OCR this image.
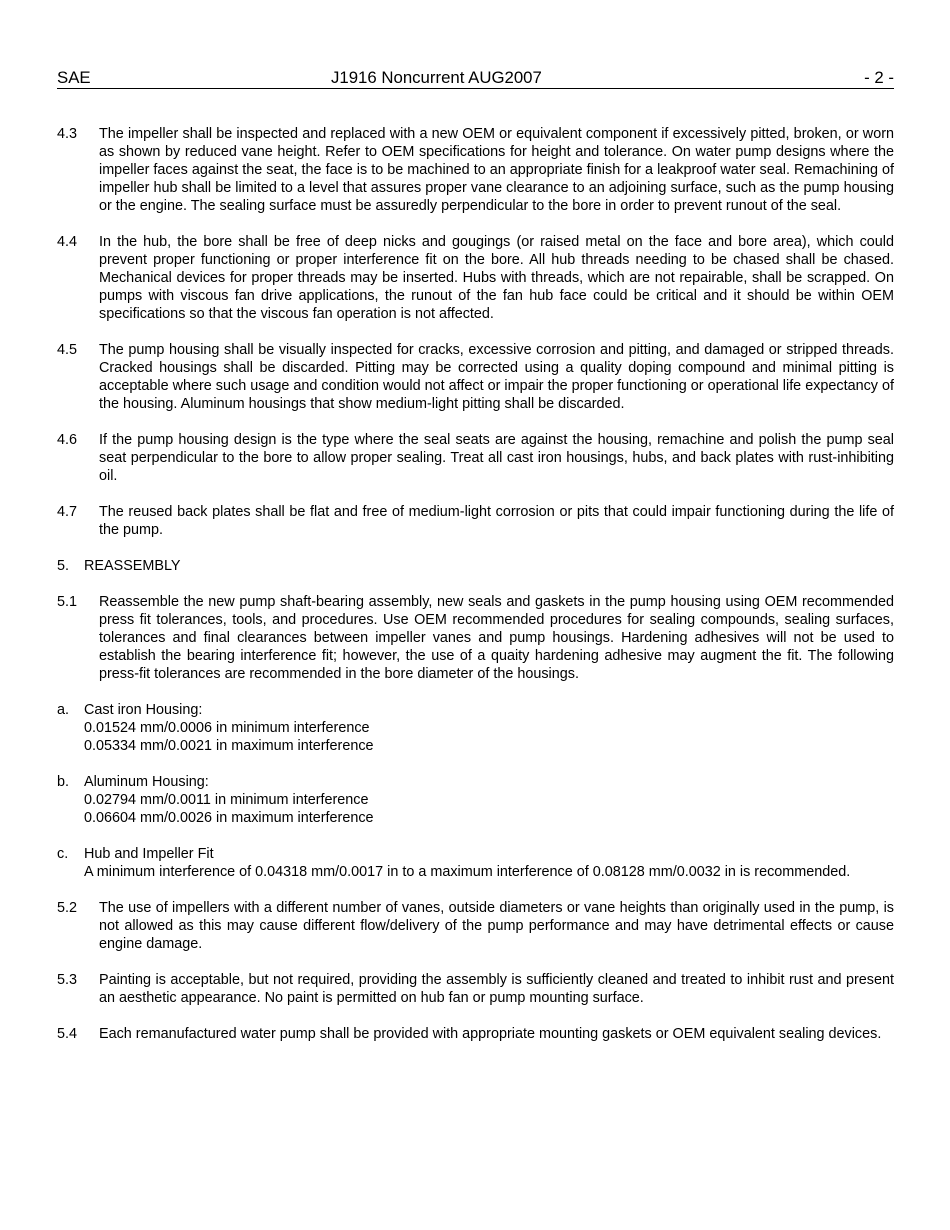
SAE	J1916 Noncurrent AUG2007	- 2 -
4.3 The impeller shall be inspected and replaced with a new OEM or equivalent component if excessively pitted, broken, or worn as shown by reduced vane height. Refer to OEM specifications for height and tolerance. On water pump designs where the impeller faces against the seat, the face is to be machined to an appropriate finish for a leakproof water seal. Remachining of impeller hub shall be limited to a level that assures proper vane clearance to an adjoining surface, such as the pump housing or the engine. The sealing surface must be assuredly perpendicular to the bore in order to prevent runout of the seal.
4.4 In the hub, the bore shall be free of deep nicks and gougings (or raised metal on the face and bore area), which could prevent proper functioning or proper interference fit on the bore. All hub threads needing to be chased shall be chased. Mechanical devices for proper threads may be inserted. Hubs with threads, which are not repairable, shall be scrapped. On pumps with viscous fan drive applications, the runout of the fan hub face could be critical and it should be within OEM specifications so that the viscous fan operation is not affected.
4.5 The pump housing shall be visually inspected for cracks, excessive corrosion and pitting, and damaged or stripped threads. Cracked housings shall be discarded. Pitting may be corrected using a quality doping compound and minimal pitting is acceptable where such usage and condition would not affect or impair the proper functioning or operational life expectancy of the housing. Aluminum housings that show medium-light pitting shall be discarded.
4.6 If the pump housing design is the type where the seal seats are against the housing, remachine and polish the pump seal seat perpendicular to the bore to allow proper sealing. Treat all cast iron housings, hubs, and back plates with rust-inhibiting oil.
4.7 The reused back plates shall be flat and free of medium-light corrosion or pits that could impair functioning during the life of the pump.
5. REASSEMBLY
5.1 Reassemble the new pump shaft-bearing assembly, new seals and gaskets in the pump housing using OEM recommended press fit tolerances, tools, and procedures. Use OEM recommended procedures for sealing compounds, sealing surfaces, tolerances and final clearances between impeller vanes and pump housings. Hardening adhesives will not be used to establish the bearing interference fit; however, the use of a quaity hardening adhesive may augment the fit. The following press-fit tolerances are recommended in the bore diameter of the housings.
a. Cast iron Housing:
0.01524 mm/0.0006 in minimum interference
0.05334 mm/0.0021 in maximum interference
b. Aluminum Housing:
0.02794 mm/0.0011 in minimum interference
0.06604 mm/0.0026 in maximum interference
c. Hub and Impeller Fit
A minimum interference of 0.04318 mm/0.0017 in to a maximum interference of 0.08128 mm/0.0032 in is recommended.
5.2 The use of impellers with a different number of vanes, outside diameters or vane heights than originally used in the pump, is not allowed as this may cause different flow/delivery of the pump performance and may have detrimental effects or cause engine damage.
5.3 Painting is acceptable, but not required, providing the assembly is sufficiently cleaned and treated to inhibit rust and present an aesthetic appearance. No paint is permitted on hub fan or pump mounting surface.
5.4 Each remanufactured water pump shall be provided with appropriate mounting gaskets or OEM equivalent sealing devices.
